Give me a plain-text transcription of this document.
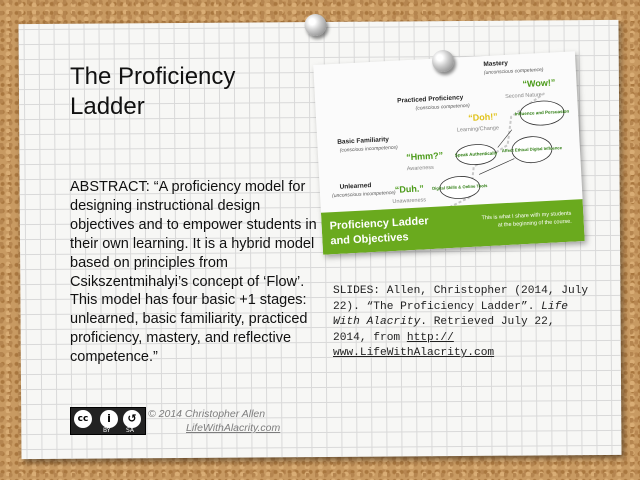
The Proficiency
Ladder

ABSTRACT: “A proficiency model for designing instructional design objectives and to empower students in their own learning. It is a hybrid model based on principles from Csikszentmihalyi’s concept of ‘Flow’.

This model has four basic +1 stages: unlearned, basic familiarity, practiced proficiency, mastery, and reflective competence.”

SLIDES: Allen, Christopher (2014, July 22). “The Proficiency Ladder”. Life With Alacrity. Retrieved July 22, 2014, from http:// www.LifeWithAlacrity.com
cc	i	↺
BY	SA
© 2014 Christopher Allen
LifeWithAlacrity.com
Mastery
(unconscious competence)
“Wow!”
Second Nature
Practiced Proficiency
(conscious competence)
“Doh!”
Learning/Change
Basic Familiarity
(conscious incompetence)
“Hmm?”
Awareness
Unlearned
(unconscious incompetence)
“Duh.”
Unawareness
Influence and Persuasion
Affect Ethical Digital Influence
Speak Authentically
Digital Skills & Online Tools
Proficiency Ladder
and Objectives
This is what I share with my students
at the beginning of the course.
